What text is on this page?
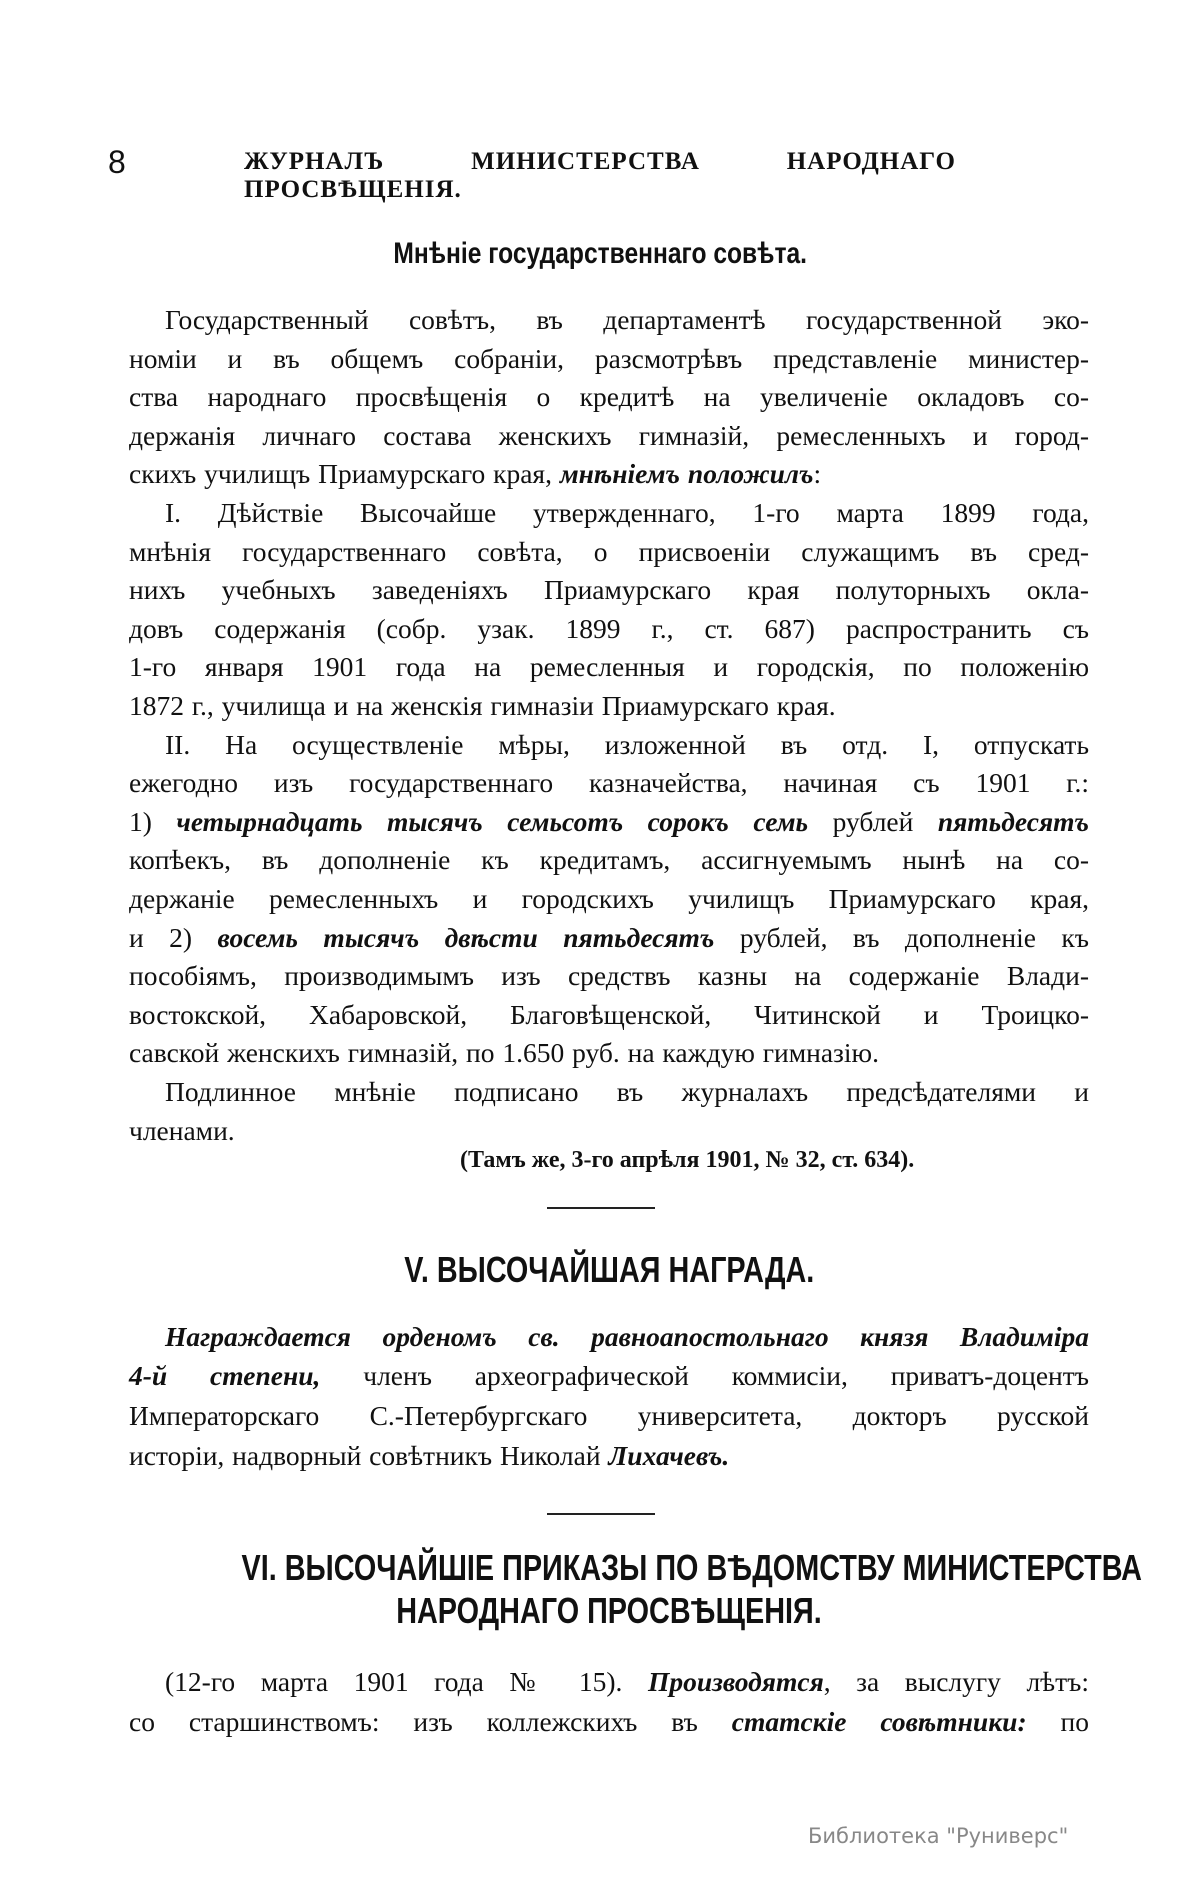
8	ЖУРНАЛЪ МИНИСТЕРСТВА НАРОДНАГО ПРОСВѢЩЕНІЯ.
Мнѣніе государственнаго совѣта.
Государственный совѣтъ, въ департаментѣ государственной эко-
номіи и въ общемъ собраніи, разсмотрѣвъ представленіе министер-
ства народнаго просвѣщенія о кредитѣ на увеличеніе окладовъ со-
держанія личнаго состава женскихъ гимназій, ремесленныхъ и город-
скихъ училищъ Приамурскаго края, мнѣніемъ положилъ:
I. Дѣйствіе Высочайше утвержденнаго, 1-го марта 1899 года,
мнѣнія государственнаго совѣта, о присвоеніи служащимъ въ сред-
нихъ учебныхъ заведеніяхъ Приамурскаго края полуторныхъ окла-
довъ содержанія (собр. узак. 1899 г., ст. 687) распространить съ
1-го января 1901 года на ремесленныя и городскія, по положенію
1872 г., училища и на женскія гимназіи Приамурскаго края.
II. На осуществленіе мѣры, изложенной въ отд. I, отпускать
ежегодно изъ государственнаго казначейства, начиная съ 1901 г.:
1) четырнадцать тысячъ семьсотъ сорокъ семь рублей пятьдесятъ
копѣекъ, въ дополненіе къ кредитамъ, ассигнуемымъ нынѣ на со-
держаніе ремесленныхъ и городскихъ училищъ Приамурскаго края,
и 2) восемь тысячъ двѣсти пятьдесятъ рублей, въ дополненіе къ
пособіямъ, производимымъ изъ средствъ казны на содержаніе Влади-
востокской, Хабаровской, Благовѣщенской, Читинской и Троицко-
савской женскихъ гимназій, по 1.650 руб. на каждую гимназію.
Подлинное мнѣніе подписано въ журналахъ предсѣдателями и
членами.
(Тамъ же, 3-го апрѣля 1901, № 32, ст. 634).
V. ВЫСОЧАЙШАЯ НАГРАДА.
Награждается орденомъ св. равноапостольнаго князя Владиміра
4-й степени, членъ археографической коммисіи, приватъ-доцентъ
Императорскаго С.-Петербургскаго университета, докторъ русской
исторіи, надворный совѣтникъ Николай Лихачевъ.
VI. ВЫСОЧАЙШІЕ ПРИКАЗЫ ПО ВѢДОМСТВУ МИНИСТЕРСТВА
НАРОДНАГО ПРОСВѢЩЕНІЯ.
(12-го марта 1901 года № 15). Производятся, за выслугу лѣтъ:
со старшинствомъ: изъ коллежскихъ въ статскіе совѣтники: по
Библиотека "Руниверс"
